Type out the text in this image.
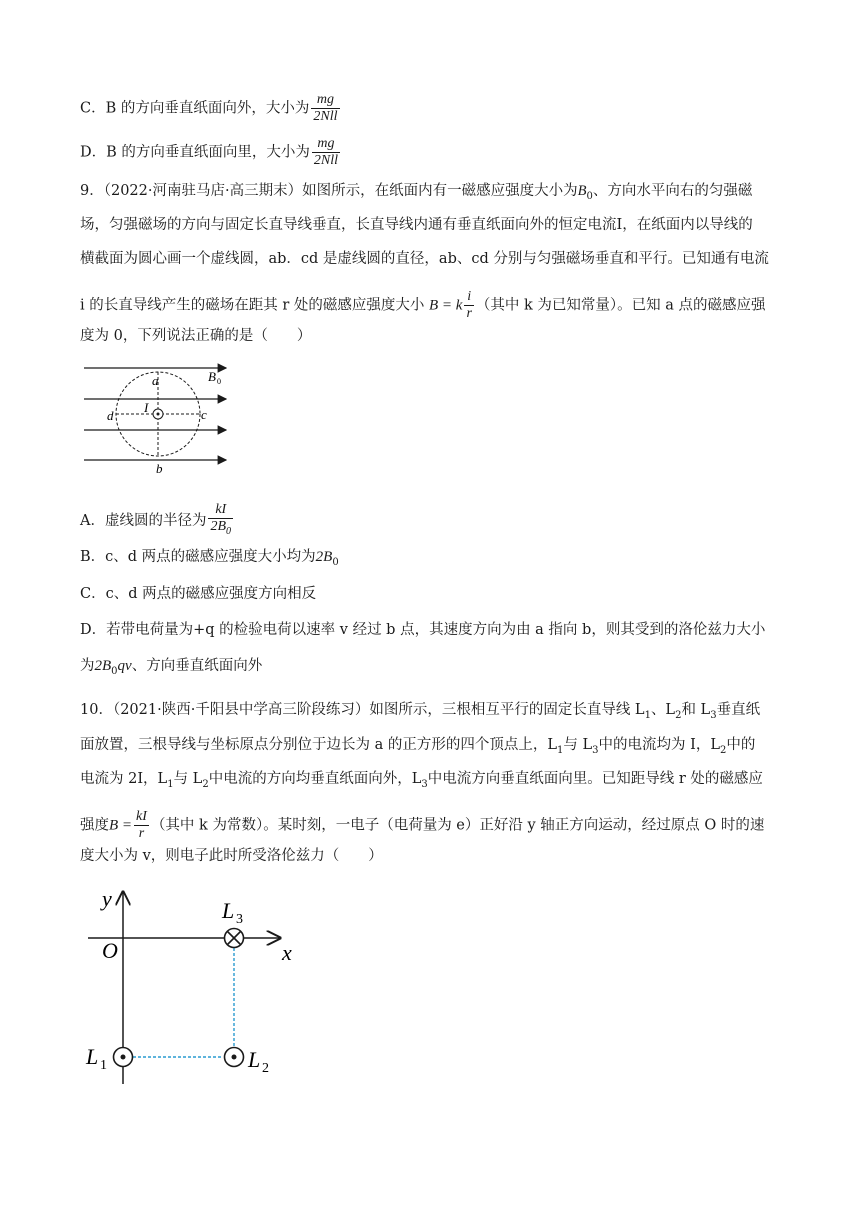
C．B 的方向垂直纸面向外，大小为 $\frac{mg}{\text{2Nll}}$
D．B 的方向垂直纸面向里，大小为 $\frac{mg}{\text{2Nll}}$
9．（2022·河南驻马店·高三期末）如图所示，在纸面内有一磁感应强度大小为$B_0$、方向水平向右的匀强磁
场，匀强磁场的方向与固定长直导线垂直，长直导线内通有垂直纸面向外的恒定电流I，在纸面内以导线的
横截面为圆心画一个虚线圆，ab．cd 是虚线圆的直径，ab、cd 分别与匀强磁场垂直和平行。已知通有电流
i 的长直导线产生的磁场在距其 r 处的磁感应强度大小 B = k $\frac{i}{r}$ （其中 k 为已知常量）。已知 a 点的磁感应强
度为 0，下列说法正确的是（　　）
a
b
c
d
I
B 0
A．虚线圆的半径为 $\frac{kI}{2B_0}$
B．c、d 两点的磁感应强度大小均为$2B_0$
C．c、d 两点的磁感应强度方向相反
D．若带电荷量为+q 的检验电荷以速率 v 经过 b 点，其速度方向为由 a 指向 b，则其受到的洛伦兹力大小
为$2B_0qv$、方向垂直纸面向外
10．（2021·陕西·千阳县中学高三阶段练习）如图所示，三根相互平行的固定长直导线 $L_1$、$L_2$和 $L_3$垂直纸
面放置，三根导线与坐标原点分别位于边长为 a 的正方形的四个顶点上，$L_1$与 $L_3$中的电流均为 I，$L_2$中的
电流为 2I，$L_1$与 $L_2$中电流的方向均垂直纸面向外，$L_3$中电流方向垂直纸面向里。已知距导线 r 处的磁感应
强度$B = \frac{kI}{r}$ （其中 k 为常数）。某时刻，一电子（电荷量为 e）正好沿 y 轴正方向运动，经过原点 O 时的速
度大小为 v，则电子此时所受洛伦兹力（　　）
y
x
O
L 3
L 1	L 2
